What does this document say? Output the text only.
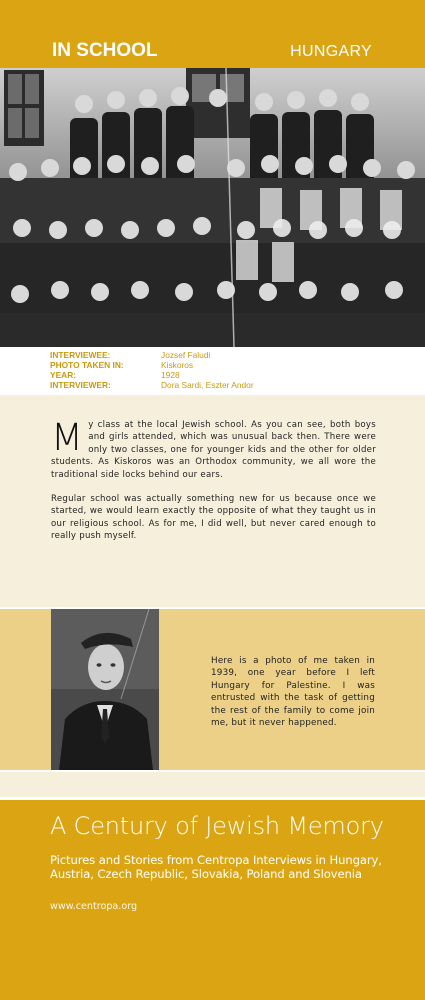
IN SCHOOL	HUNGARY
INTERVIEWEE:	Jozsef Faludi
PHOTO TAKEN IN:	Kiskoros
YEAR:	1928
INTERVIEWER:	Dora Sardi, Eszter Andor

My class at the local Jewish school. As you can see, both boys and girls attended, which was unusual back then. There were only two classes, one for younger kids and the other for older students. As Kiskoros was an Orthodox community, we all wore the traditional side locks behind our ears.

Regular school was actually something new for us because once we started, we would learn exactly the opposite of what they taught us in our religious school. As for me, I did well, but never cared enough to really push myself.

Here is a photo of me taken in 1939, one year before I left Hungary for Palestine. I was entrusted with the task of getting the rest of the family to come join me, but it never happened.
A Century of Jewish Memory
Pictures and Stories from Centropa Interviews in Hungary, Austria, Czech Republic, Slovakia, Poland and Slovenia
www.centropa.org
